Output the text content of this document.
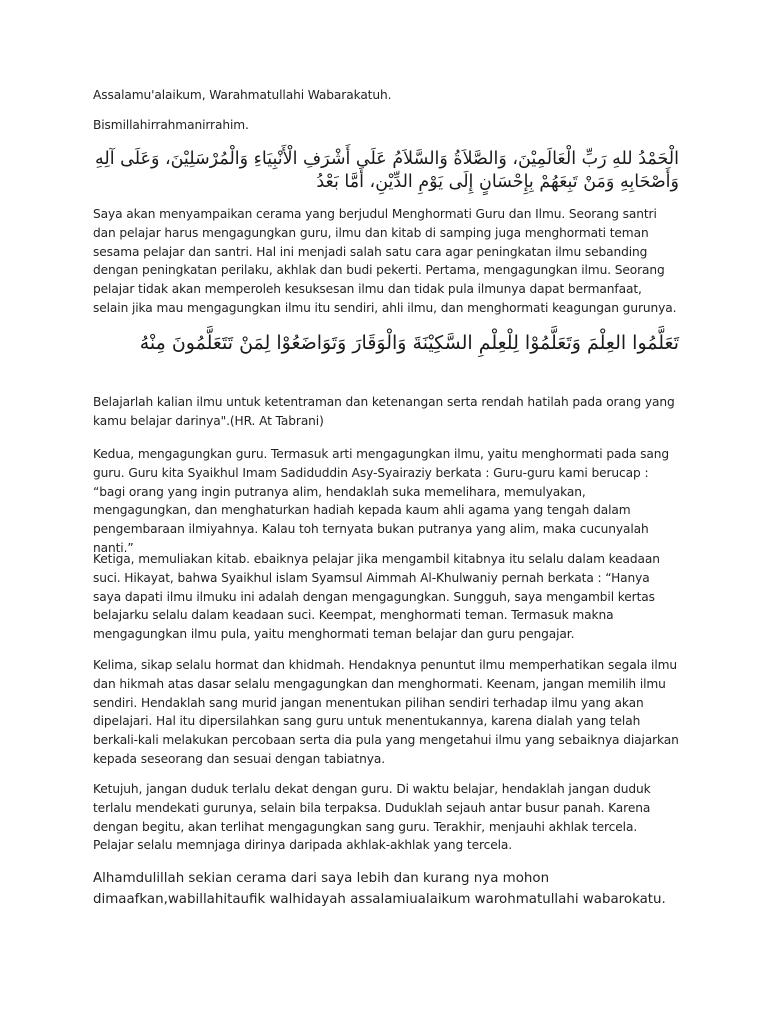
Assalamu'alaikum, Warahmatullahi Wabarakatuh.

Bismillahirrahmanirrahim.

الْحَمْدُ للهِ رَبِّ الْعَالَمِيْنَ، وَالصَّلاَةُ وَالسَّلاَمُ عَلَى أَشْرَفِ الْأَنْبِيَاءِ وَالْمُرْسَلِيْنَ، وَعَلَى آلِهِ وَأَصْحَابِهِ وَمَنْ تَبِعَهُمْ بِإِحْسَانٍ إِلَى يَوْمِ الدِّيْنِ، أَمَّا بَعْدُ

Saya akan menyampaikan cerama yang berjudul Menghormati Guru dan Ilmu. Seorang santri dan pelajar harus mengagungkan guru, ilmu dan kitab di samping juga menghormati teman sesama pelajar dan santri. Hal ini menjadi salah satu cara agar peningkatan ilmu sebanding dengan peningkatan perilaku, akhlak dan budi pekerti. Pertama, mengagungkan ilmu. Seorang pelajar tidak akan memperoleh kesuksesan ilmu dan tidak pula ilmunya dapat bermanfaat, selain jika mau mengagungkan ilmu itu sendiri, ahli ilmu, dan menghormati keagungan gurunya.

تَعَلَّمُوا العِلْمَ وَتَعَلَّمُوْا لِلْعِلْمِ السَّكِيْنَةَ وَالْوَقَارَ وَتَوَاضَعُوْا لِمَنْ تَتَعَلَّمُونَ مِنْهُ

Belajarlah kalian ilmu untuk ketentraman dan ketenangan serta rendah hatilah pada orang yang kamu belajar darinya".(HR. At Tabrani)

Kedua, mengagungkan guru. Termasuk arti mengagungkan ilmu, yaitu menghormati pada sang guru. Guru kita Syaikhul Imam Sadiduddin Asy-Syairaziy berkata : Guru-guru kami berucap : “bagi orang yang ingin putranya alim, hendaklah suka memelihara, memulyakan, mengagungkan, dan menghaturkan hadiah kepada kaum ahli agama yang tengah dalam pengembaraan ilmiyahnya. Kalau toh ternyata bukan putranya yang alim, maka cucunyalah nanti.”

Ketiga, memuliakan kitab. ebaiknya pelajar jika mengambil kitabnya itu selalu dalam keadaan suci. Hikayat, bahwa Syaikhul islam Syamsul Aimmah Al-Khulwaniy pernah berkata : “Hanya saya dapati ilmu ilmuku ini adalah dengan mengagungkan. Sungguh, saya mengambil kertas belajarku selalu dalam keadaan suci. Keempat, menghormati teman. Termasuk makna mengagungkan ilmu pula, yaitu menghormati teman belajar dan guru pengajar.

Kelima, sikap selalu hormat dan khidmah. Hendaknya penuntut ilmu memperhatikan segala ilmu dan hikmah atas dasar selalu mengagungkan dan menghormati. Keenam, jangan memilih ilmu sendiri. Hendaklah sang murid jangan menentukan pilihan sendiri terhadap ilmu yang akan dipelajari. Hal itu dipersilahkan sang guru untuk menentukannya, karena dialah yang telah berkali-kali melakukan percobaan serta dia pula yang mengetahui ilmu yang sebaiknya diajarkan kepada seseorang dan sesuai dengan tabiatnya.

Ketujuh, jangan duduk terlalu dekat dengan guru. Di waktu belajar, hendaklah jangan duduk terlalu mendekati gurunya, selain bila terpaksa. Duduklah sejauh antar busur panah. Karena dengan begitu, akan terlihat mengagungkan sang guru. Terakhir, menjauhi akhlak tercela. Pelajar selalu memnjaga dirinya daripada akhlak-akhlak yang tercela.

Alhamdulillah sekian cerama dari saya lebih dan kurang nya mohon dimaafkan,wabillahitaufik walhidayah assalamiualaikum warohmatullahi wabarokatu.
